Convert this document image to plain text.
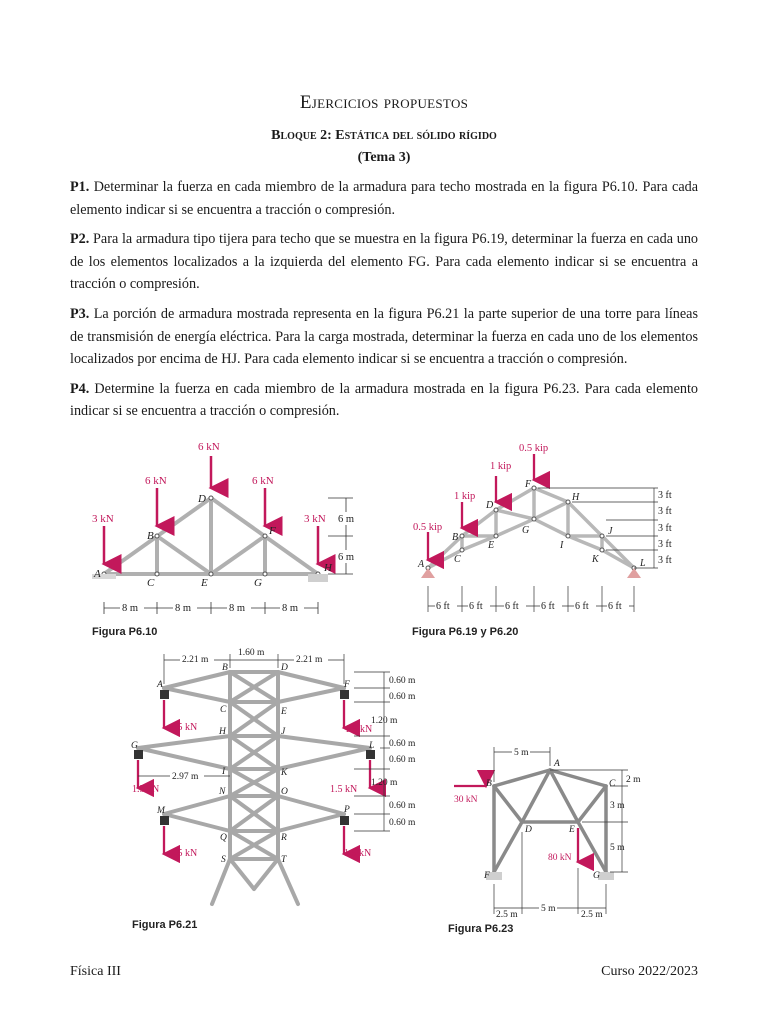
Ejercicios propuestos
Bloque 2: Estática del sólido rígido
(Tema 3)

P1. Determinar la fuerza en cada miembro de la armadura para techo mostrada en la figura P6.10. Para cada elemento indicar si se encuentra a tracción o compresión.

P2. Para la armadura tipo tijera para techo que se muestra en la figura P6.19, determinar la fuerza en cada uno de los elementos localizados a la izquierda del elemento FG. Para cada elemento indicar si se encuentra a tracción o compresión.

P3. La porción de armadura mostrada representa en la figura P6.21 la parte superior de una torre para líneas de transmisión de energía eléctrica. Para la carga mostrada, determinar la fuerza en cada uno de los elementos localizados por encima de HJ. Para cada elemento indicar si se encuentra a tracción o compresión.

P4. Determine la fuerza en cada miembro de la armadura mostrada en la figura P6.23. Para cada elemento indicar si se encuentra a tracción o compresión.

6 kN
6 kN	6 kN
3 kN	3 kN
A
B
C
D
E
F
G
H
8 m	8 m	8 m	8 m
6 m
6 m
Figura P6.10
0.5 kip
1 kip
1 kip
0.5 kip
A
B
C
D
E
F
G
H
I
J
K	L
6 ft 6 ft 6 ft 6 ft 6 ft 6 ft
3 ft
3 ft
3 ft
3 ft
3 ft
Figura P6.19 y P6.20
1.5 kN	1.5 kN
1.5 kN	1.5 kN
1.5 kN	1.5 kN
A
B
C
D
E
F
G
H
I
J
K
L
M
N	O
P
Q	R
S	T
2.21 m
1.60 m
2.21 m
2.97 m
0.60 m
0.60 m
1.20 m
0.60 m
0.60 m
1.20 m
0.60 m
0.60 m
Figura P6.21
30 kN
80 kN
A
B	C
D	E
F	G
5 m
2.5 m
5 m
2.5 m
2 m
3 m
5 m
Figura P6.23
Física III	Curso 2022/2023
